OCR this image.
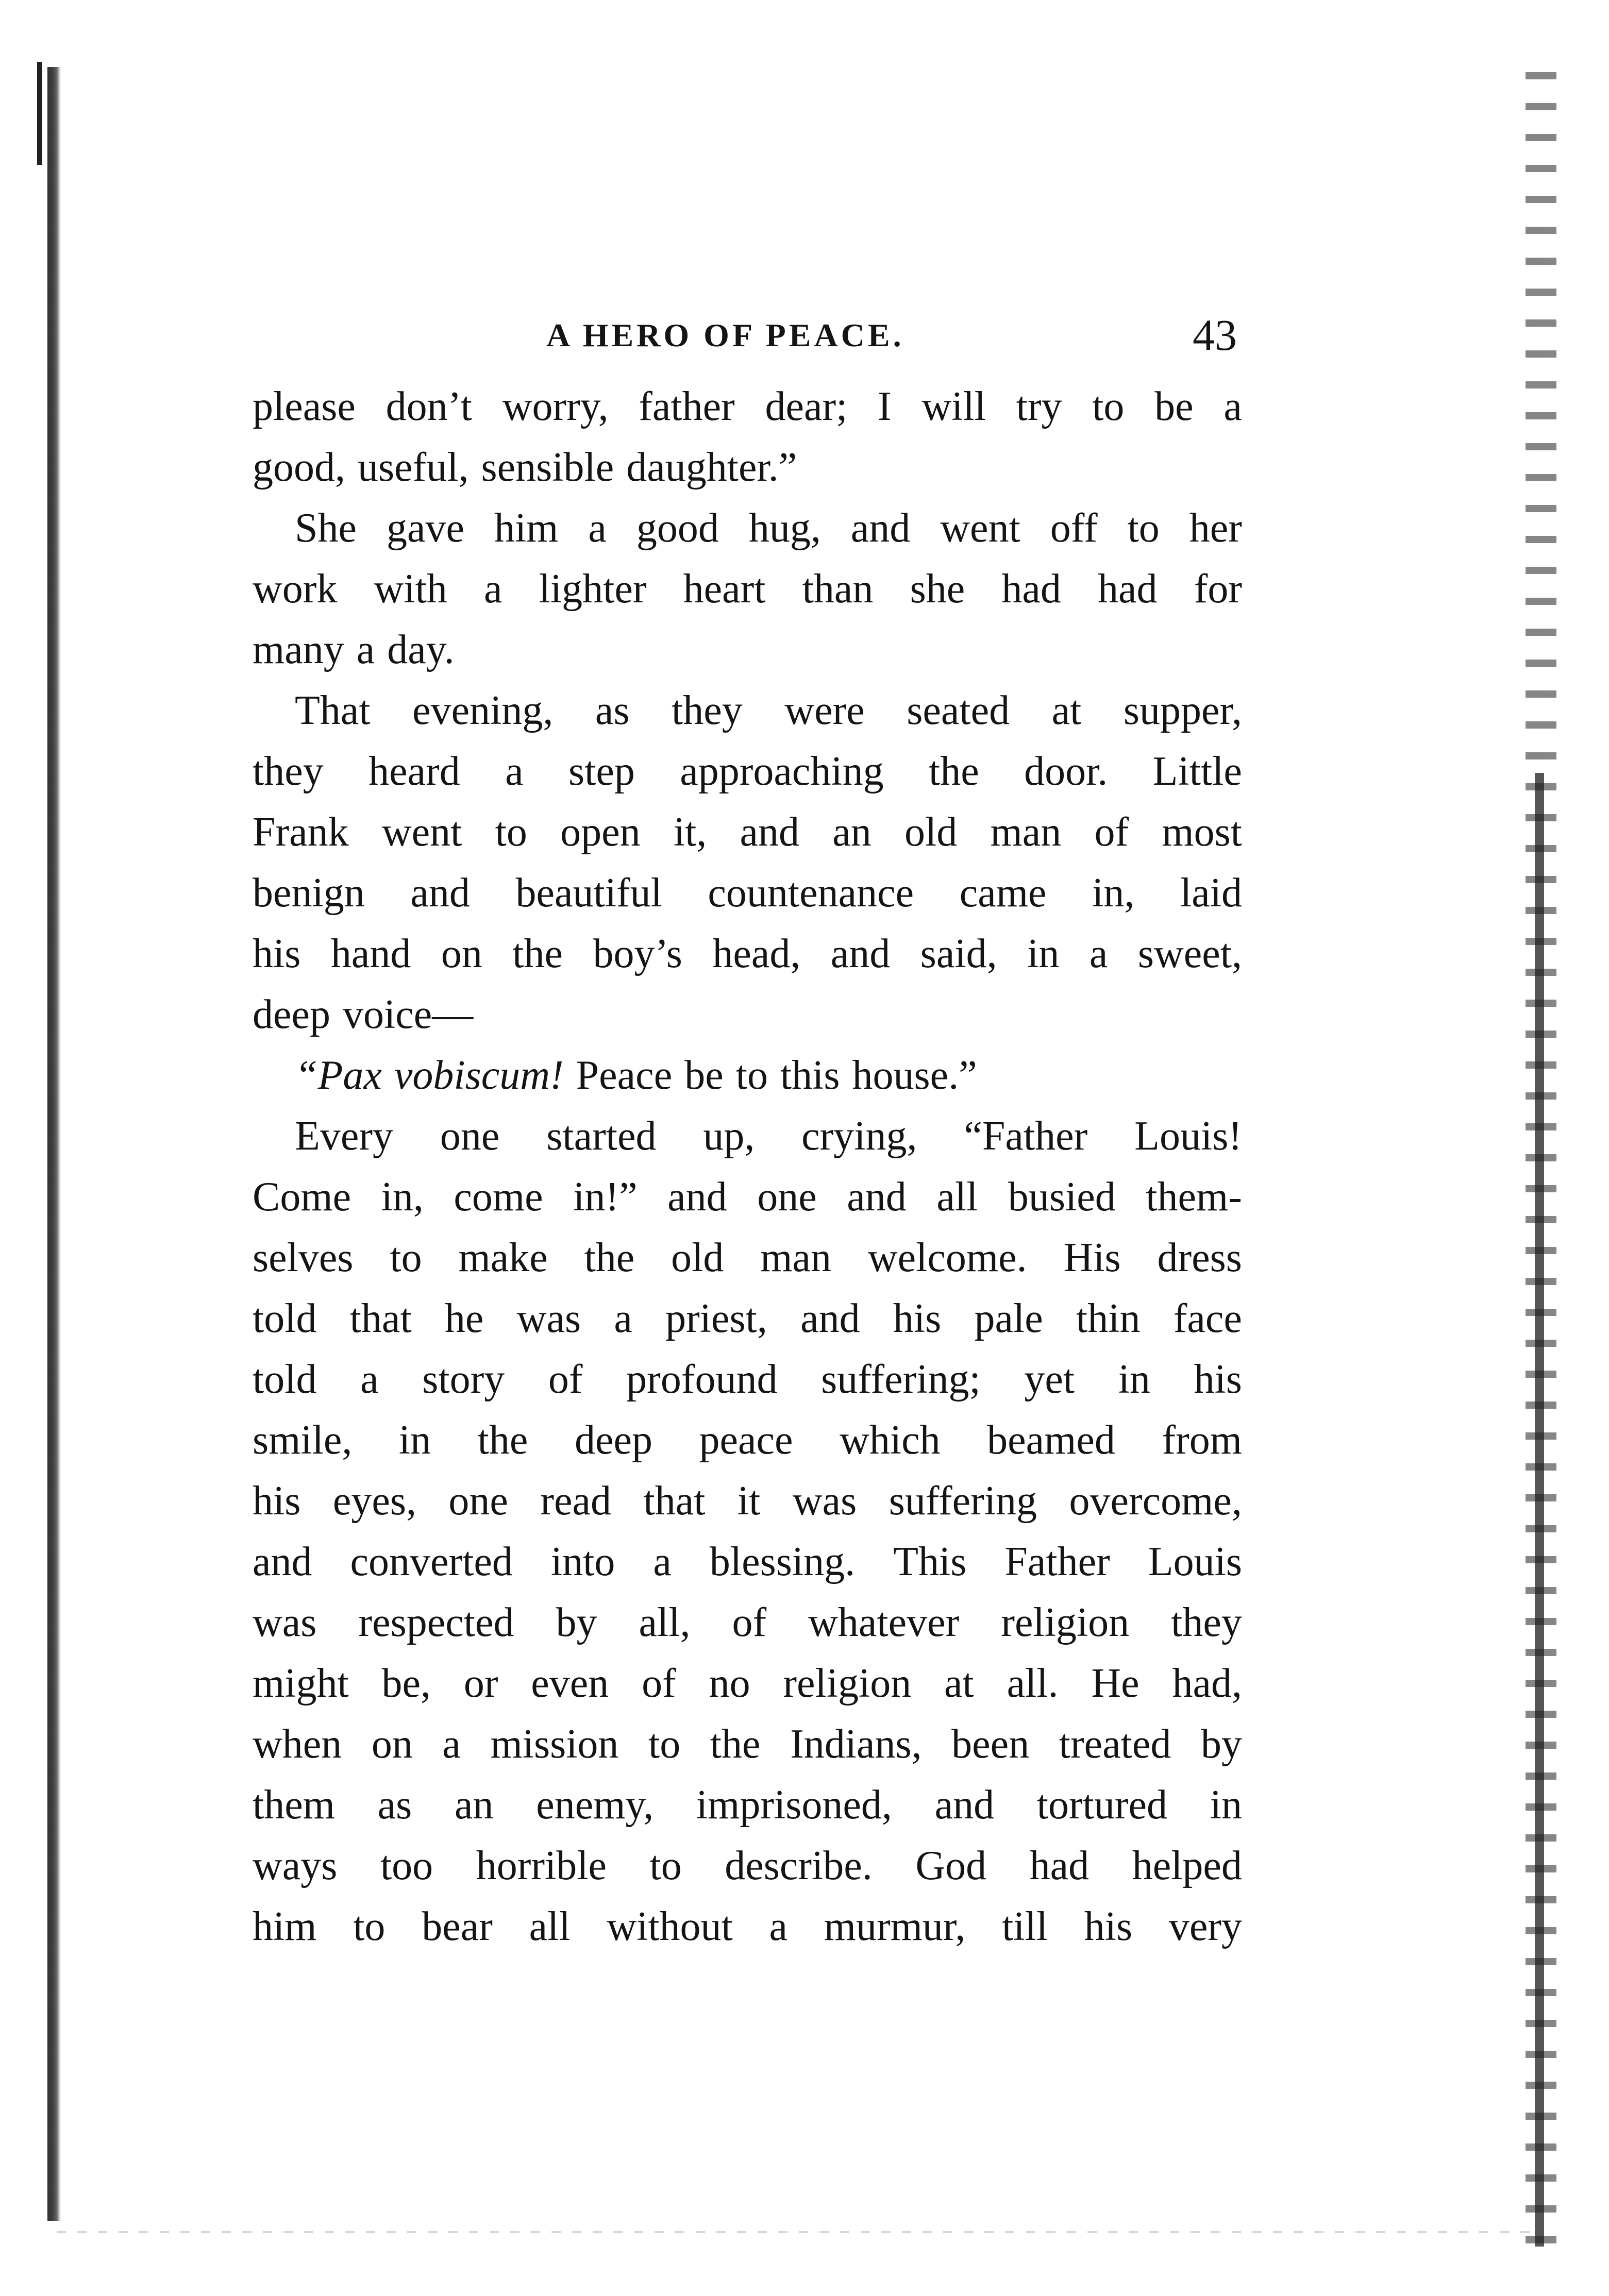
A HERO OF PEACE.	43
please don’t worry, father dear; I will try to be a
good, useful, sensible daughter.”
She gave him a good hug, and went off to her
work with a lighter heart than she had had for
many a day.
That evening, as they were seated at supper,
they heard a step approaching the door. Little
Frank went to open it, and an old man of most
benign and beautiful countenance came in, laid
his hand on the boy’s head, and said, in a sweet,
deep voice—
“Pax vobiscum! Peace be to this house.”
Every one started up, crying, “Father Louis!
Come in, come in!” and one and all busied them-
selves to make the old man welcome. His dress
told that he was a priest, and his pale thin face
told a story of profound suffering; yet in his
smile, in the deep peace which beamed from
his eyes, one read that it was suffering overcome,
and converted into a blessing. This Father Louis
was respected by all, of whatever religion they
might be, or even of no religion at all. He had,
when on a mission to the Indians, been treated by
them as an enemy, imprisoned, and tortured in
ways too horrible to describe. God had helped
him to bear all without a murmur, till his very
